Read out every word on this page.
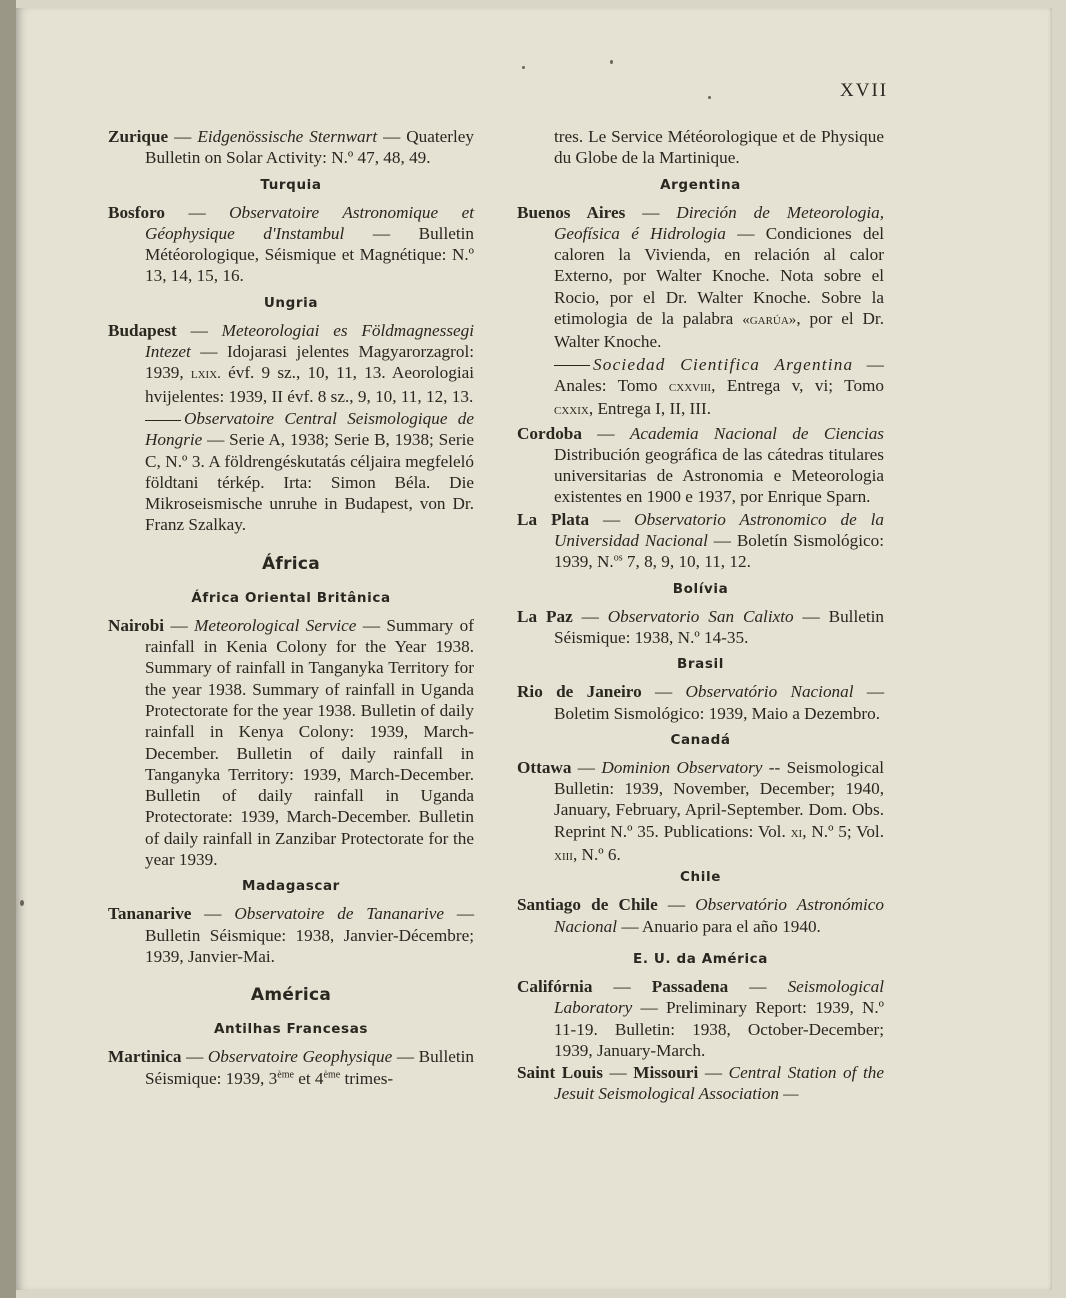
XVII

Zurique — Eidgenössische Sternwart — Quaterley Bulletin on Solar Activity: N.º 47, 48, 49.

Turquia

Bosforo — Observatoire Astronomique et Géophysique d'Instambul — Bulletin Météorologique, Séismique et Magnétique: N.º 13, 14, 15, 16.

Ungria

Budapest — Meteorologiai es Földmagnessegi Intezet — Idojarasi jelentes Magyarorzagrol: 1939, lxix. évf. 9 sz., 10, 11, 13. Aeorologiai hvijelentes: 1939, II évf. 8 sz., 9, 10, 11, 12, 13.

Observatoire Central Seismologique de Hongrie — Serie A, 1938; Serie B, 1938; Serie C, N.º 3. A földrengéskutatás céljaira megfeleló földtani térkép. Irta: Simon Béla. Die Mikroseismische unruhe in Budapest, von Dr. Franz Szalkay.

África
África Oriental Britânica

Nairobi — Meteorological Service — Summary of rainfall in Kenia Colony for the Year 1938. Summary of rainfall in Tanganyka Territory for the year 1938. Summary of rainfall in Uganda Protectorate for the year 1938. Bulletin of daily rainfall in Kenya Colony: 1939, March-December. Bulletin of daily rainfall in Tanganyka Territory: 1939, March-December. Bulletin of daily rainfall in Uganda Protectorate: 1939, March-December. Bulletin of daily rainfall in Zanzibar Protectorate for the year 1939.

Madagascar

Tananarive — Observatoire de Tananarive — Bulletin Séismique: 1938, Janvier-Décembre; 1939, Janvier-Mai.

América
Antilhas Francesas

Martinica — Observatoire Geophysique — Bulletin Séismique: 1939, 3ème et 4ème trimes-

tres. Le Service Météorologique et de Physique du Globe de la Martinique.

Argentina

Buenos Aires — Direción de Meteorologia, Geofísica é Hidrologia — Condiciones del caloren la Vivienda, en relación al calor Externo, por Walter Knoche. Nota sobre el Rocio, por el Dr. Walter Knoche. Sobre la etimologia de la palabra «garúa», por el Dr. Walter Knoche.

Sociedad Cientifica Argentina — Anales: Tomo cxxviii, Entrega v, vi; Tomo cxxix, Entrega I, II, III.

Cordoba — Academia Nacional de Ciencias Distribución geográfica de las cátedras titulares universitarias de Astronomia e Meteorologia existentes en 1900 e 1937, por Enrique Sparn.

La Plata — Observatorio Astronomico de la Universidad Nacional — Boletín Sismológico: 1939, N.$^{os}$ 7, 8, 9, 10, 11, 12.

Bolívia

La Paz — Observatorio San Calixto — Bulletin Séismique: 1938, N.º 14-35.

Brasil

Rio de Janeiro — Observatório Nacional — Boletim Sismológico: 1939, Maio a Dezembro.

Canadá

Ottawa — Dominion Observatory -- Seismological Bulletin: 1939, November, December; 1940, January, February, April-September. Dom. Obs. Reprint N.º 35. Publications: Vol. xi, N.º 5; Vol. xiii, N.º 6.

Chile

Santiago de Chile — Observatório Astronómico Nacional — Anuario para el año 1940.

E. U. da América

Califórnia — Passadena — Seismological Laboratory — Preliminary Report: 1939, N.º 11-19. Bulletin: 1938, October-December; 1939, January-March.

Saint Louis — Missouri — Central Station of the Jesuit Seismological Association —
